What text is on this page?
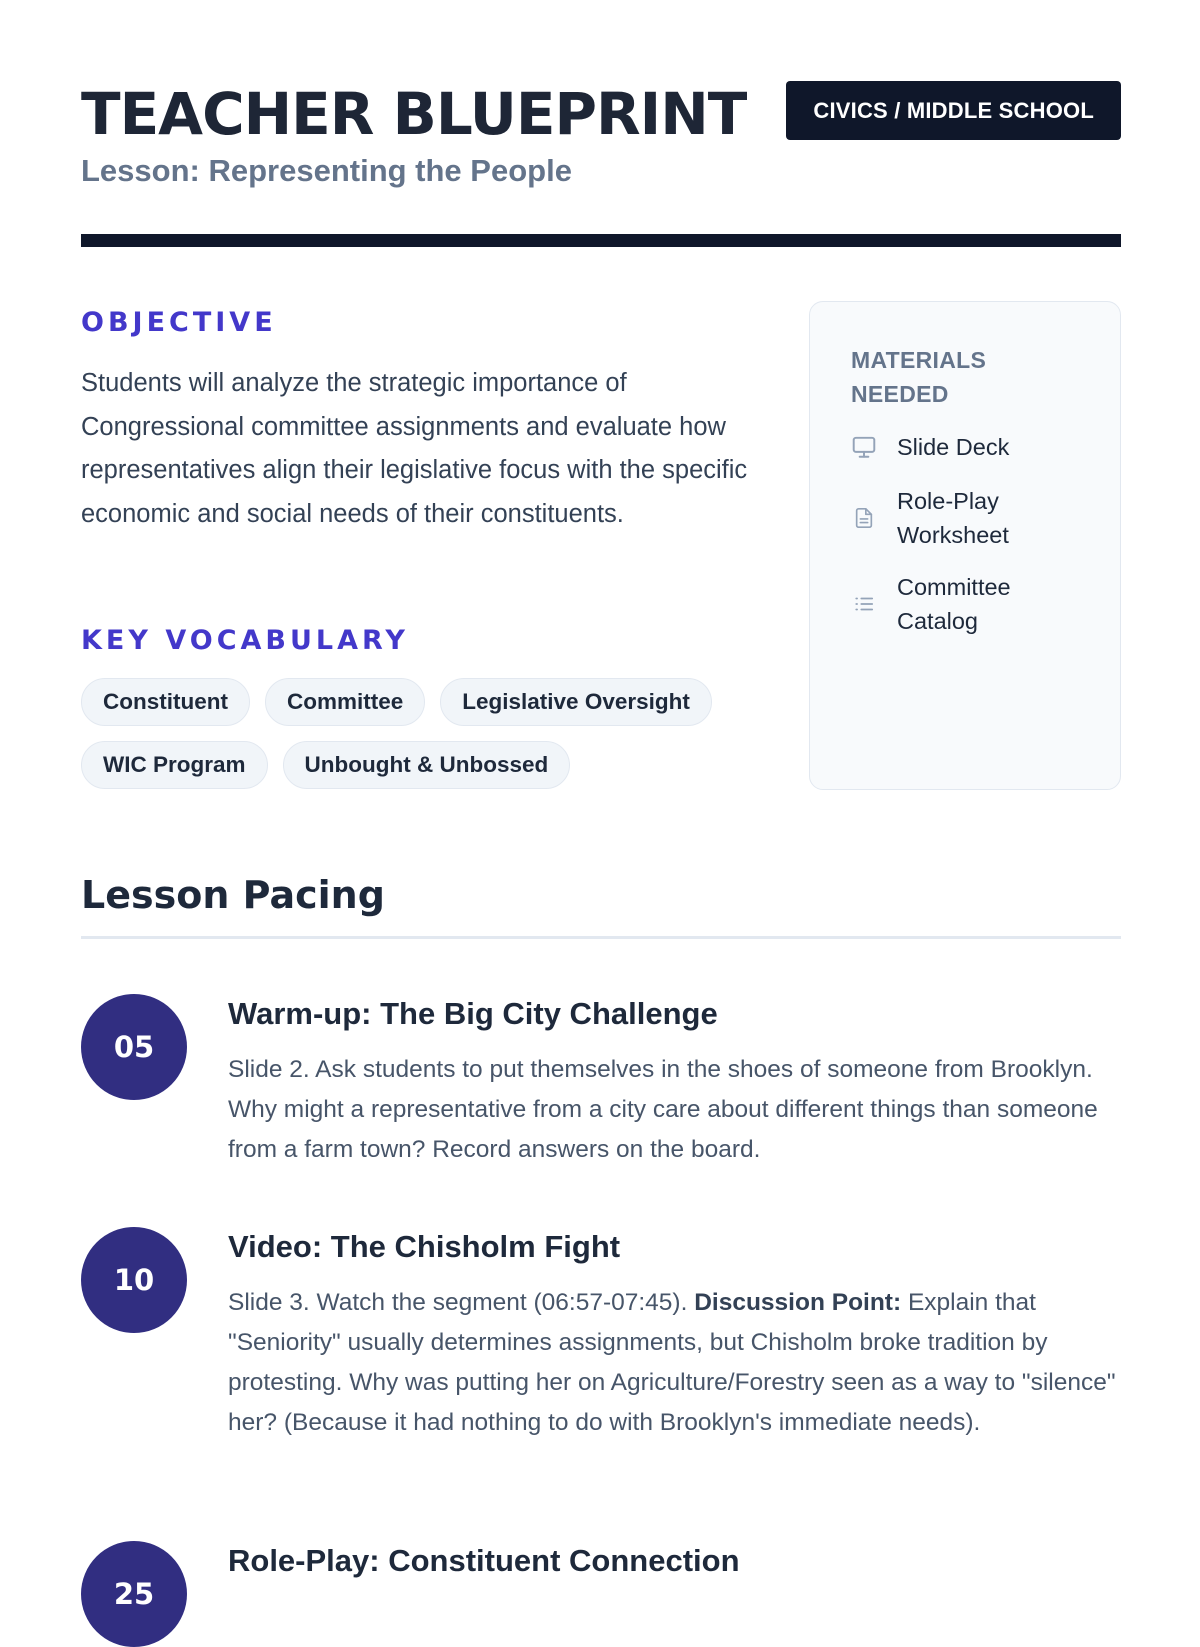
TEACHER BLUEPRINT	CIVICS / MIDDLE SCHOOL
Lesson: Representing the People
OBJECTIVE

Students will analyze the strategic importance of Congressional committee assignments and evaluate how representatives align their legislative focus with the specific economic and social needs of their constituents.

KEY VOCABULARY
Constituent	Committee	Legislative Oversight
WIC Program	Unbought & Unbossed
MATERIALS NEEDED
Slide Deck
Role-Play Worksheet
Committee Catalog
Lesson Pacing
05
Warm-up: The Big City Challenge

Slide 2. Ask students to put themselves in the shoes of someone from Brooklyn. Why might a representative from a city care about different things than someone from a farm town? Record answers on the board.

10
Video: The Chisholm Fight

Slide 3. Watch the segment (06:57-07:45). Discussion Point: Explain that "Seniority" usually determines assignments, but Chisholm broke tradition by protesting. Why was putting her on Agriculture/Forestry seen as a way to "silence" her? (Because it had nothing to do with Brooklyn's immediate needs).

25
Role-Play: Constituent Connection
